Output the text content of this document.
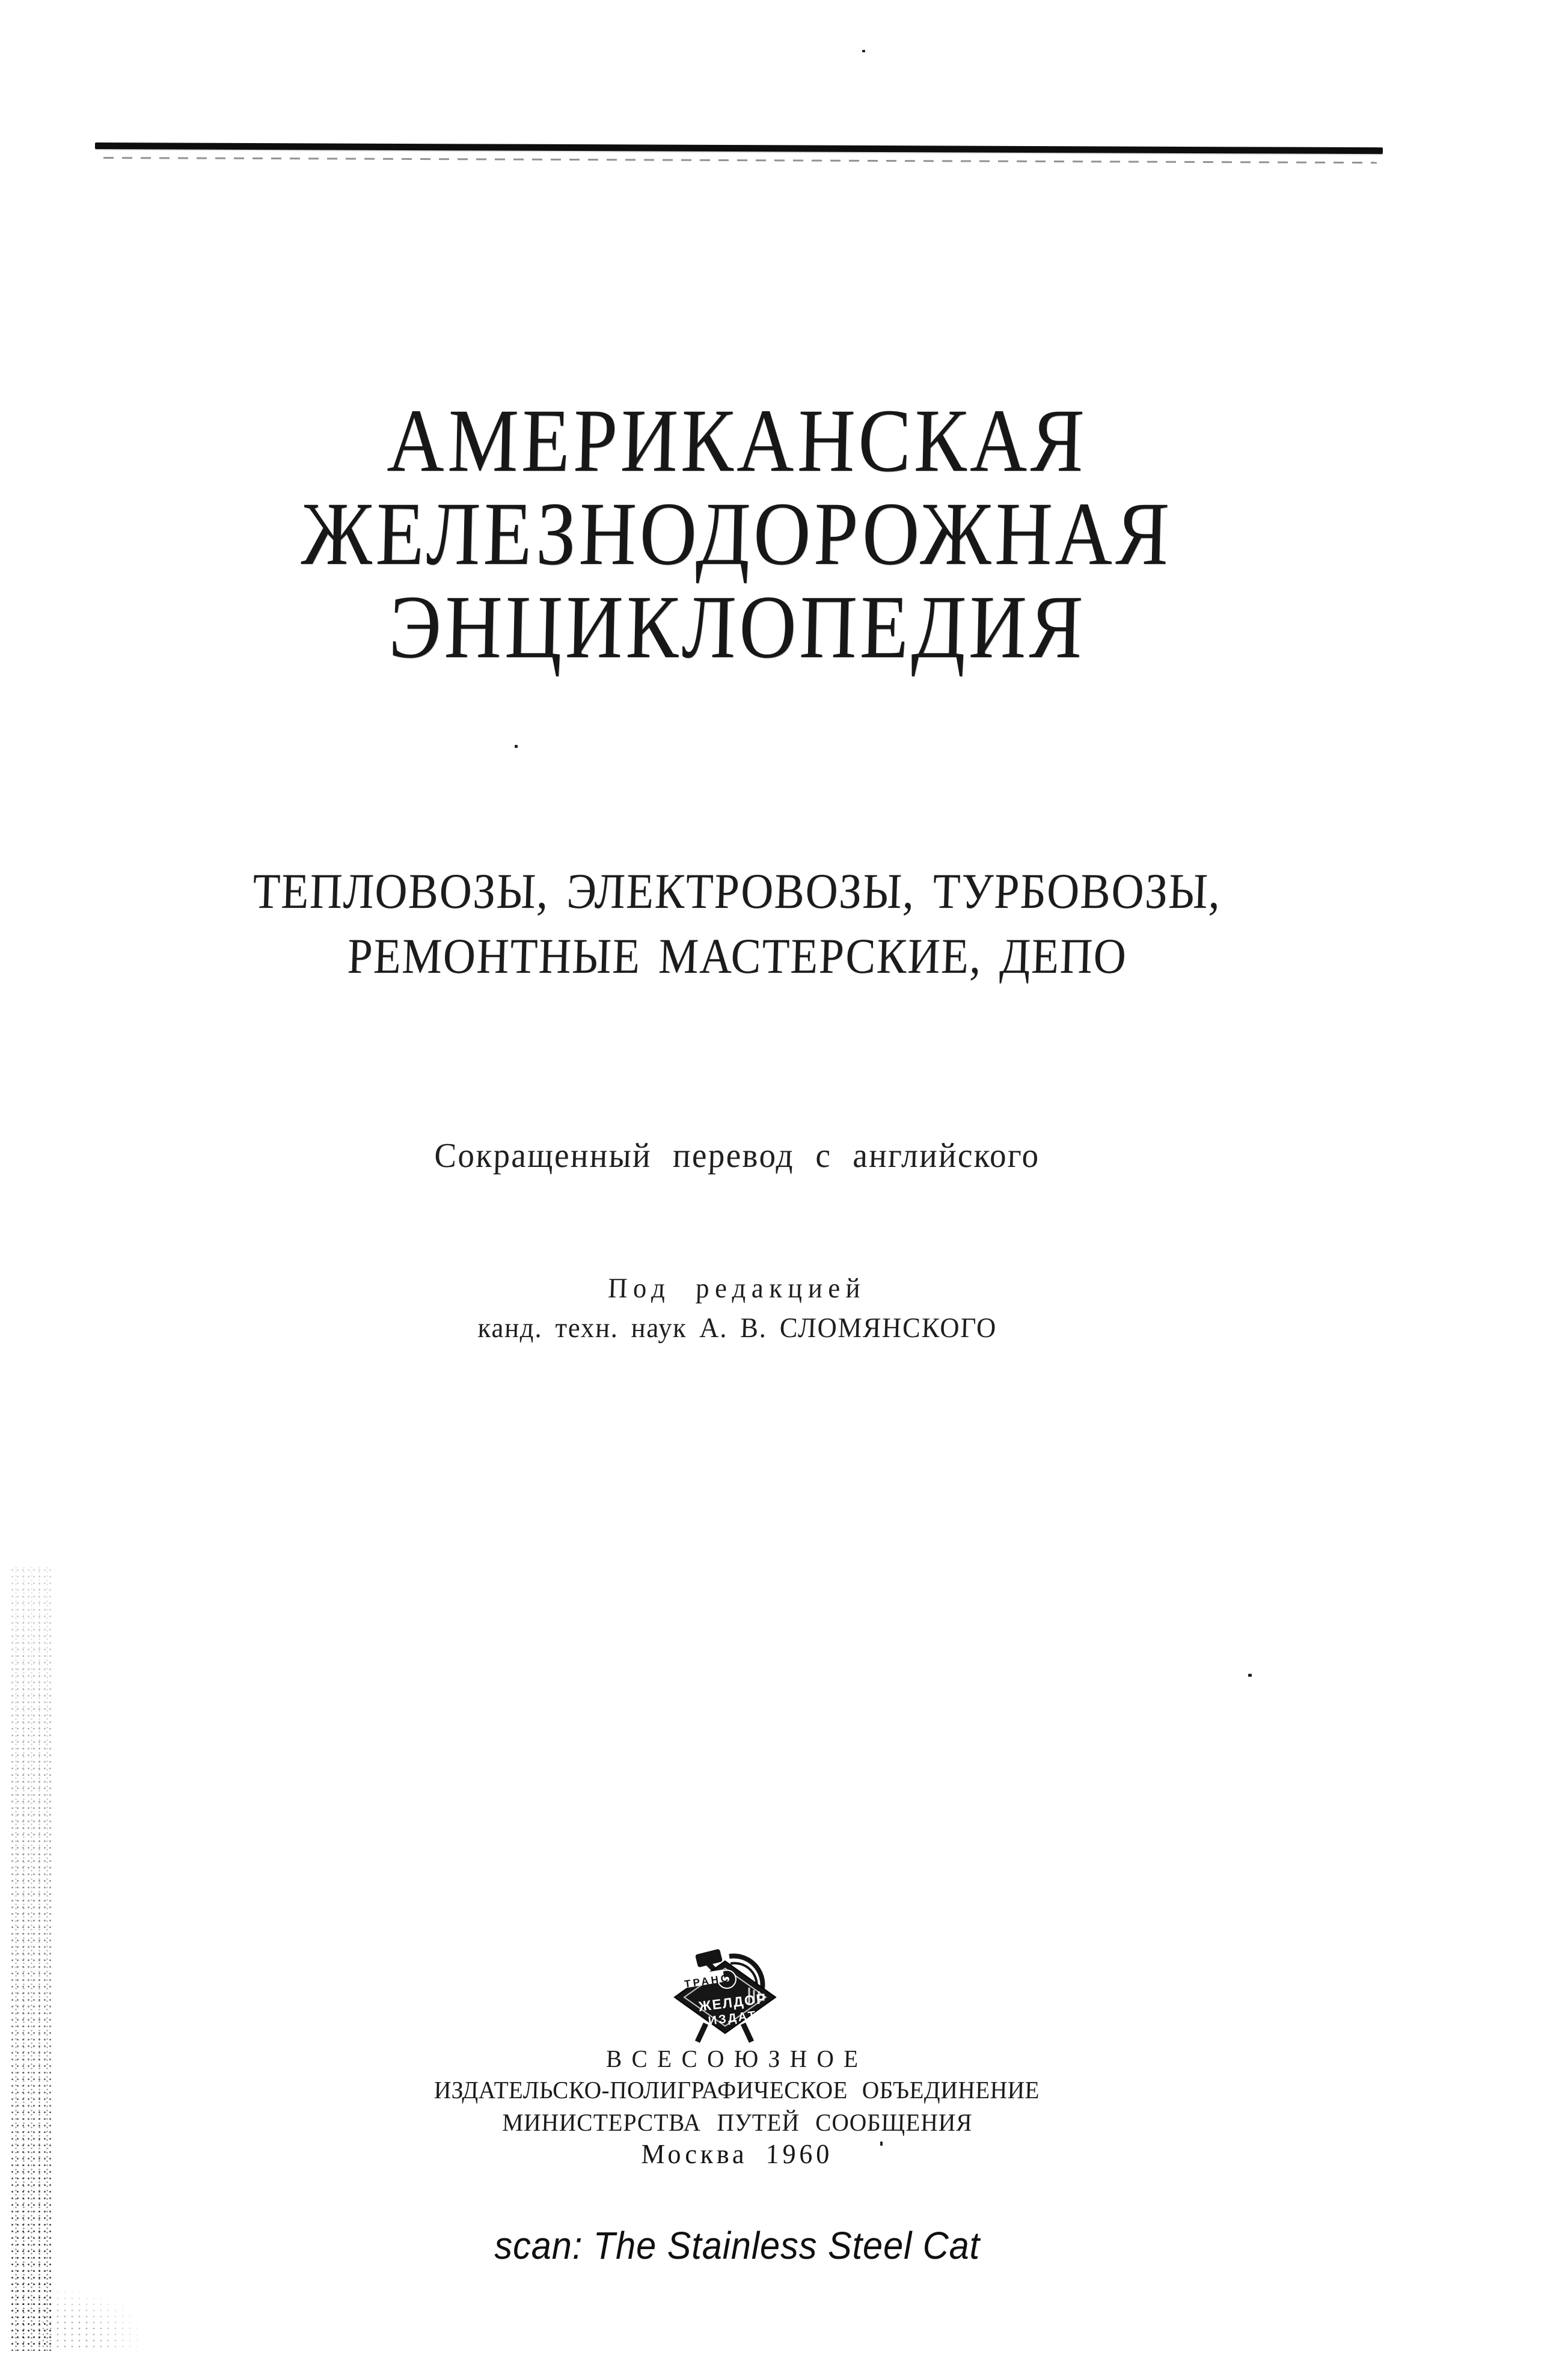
АМЕРИКАНСКАЯ
ЖЕЛЕЗНОДОРОЖНАЯ
ЭНЦИКЛОПЕДИЯ
ТЕПЛОВОЗЫ, ЭЛЕКТРОВОЗЫ, ТУРБОВОЗЫ,
РЕМОНТНЫЕ МАСТЕРСКИЕ, ДЕПО
Сокращенный перевод с английского
Под редакцией
канд. техн. наук А. В. СЛОМЯНСКОГО
ТРАНС
ЖЕЛДОР
ИЗДАТ
ВСЕСОЮЗНОЕ
ИЗДАТЕЛЬСКО-ПОЛИГРАФИЧЕСКОЕ ОБЪЕДИНЕНИЕ
МИНИСТЕРСТВА ПУТЕЙ СООБЩЕНИЯ
Москва 1960
scan: The Stainless Steel Cat
